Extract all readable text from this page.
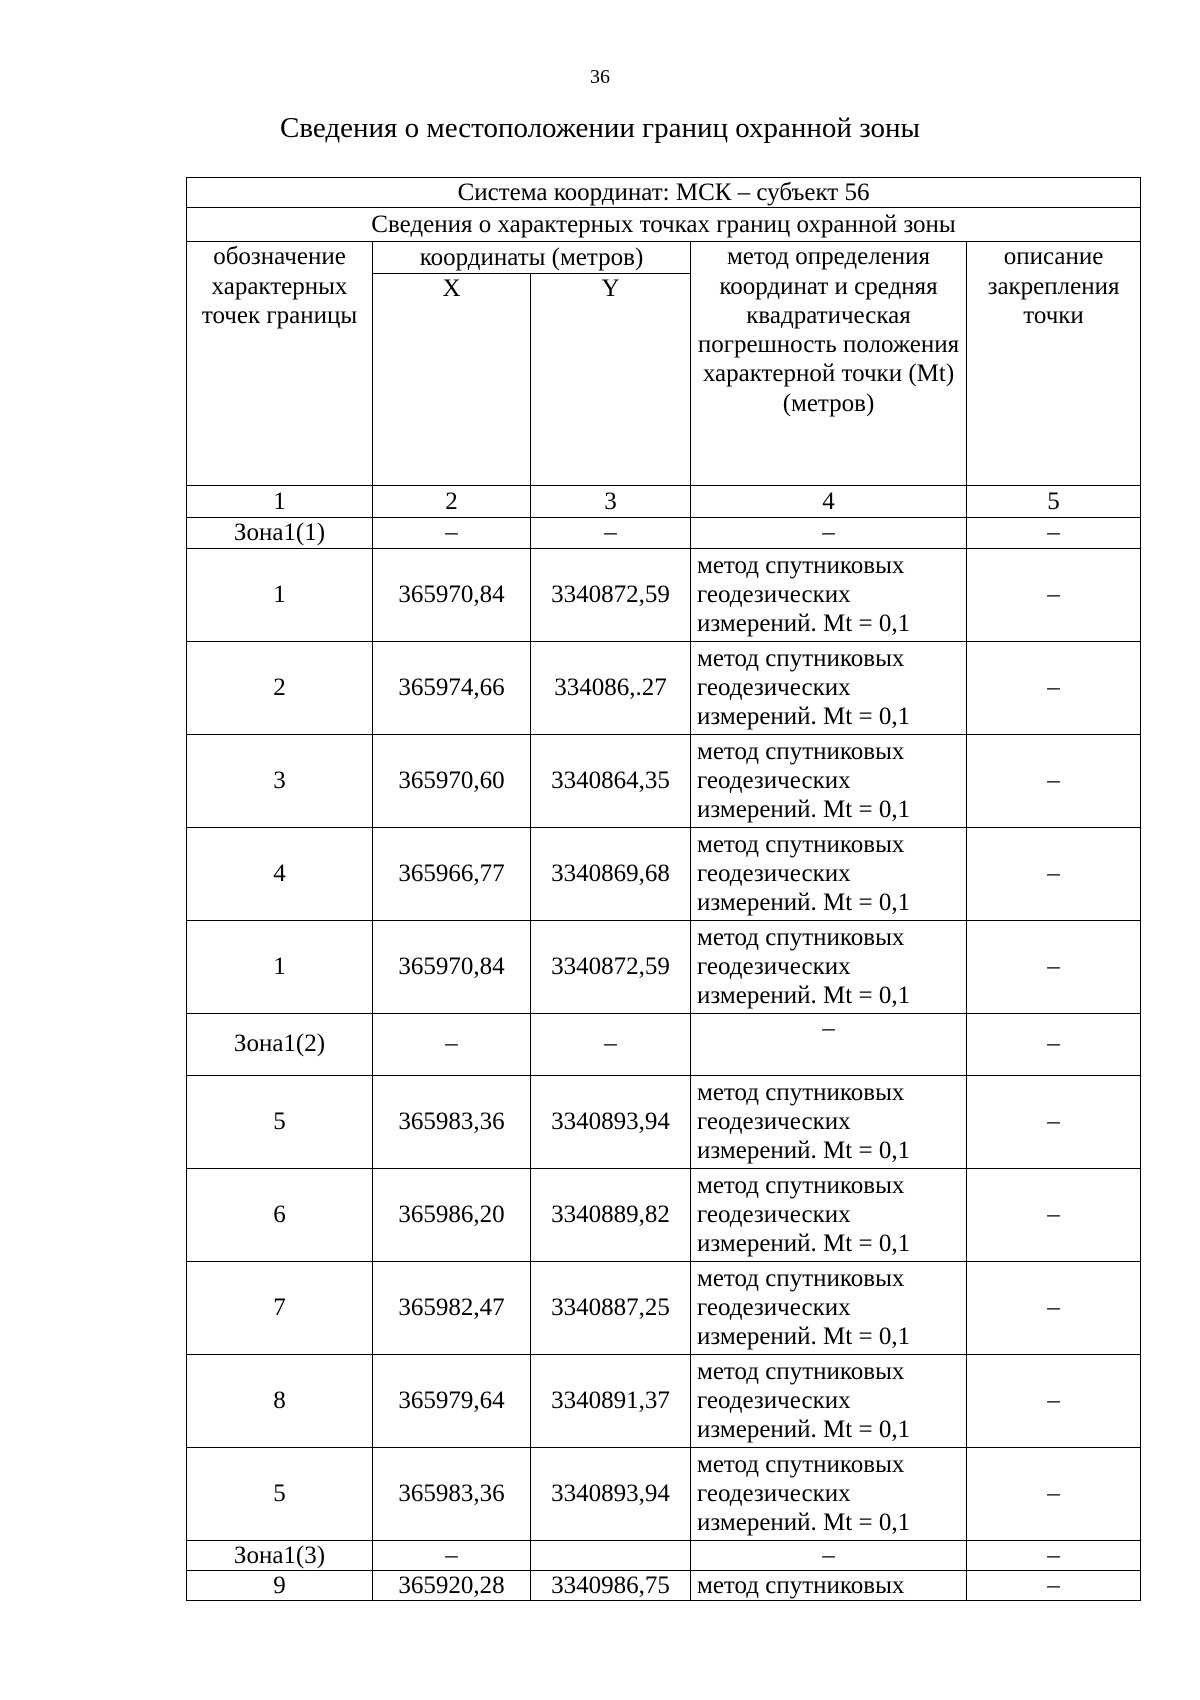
36
Сведения о местоположении границ охранной зоны
Система координат: МСК – субъект 56				
Сведения о характерных точках границ охранной зоны				
обозначение характерных точек границы	координаты (метров)		метод определения координат и средняя квадратическая погрешность положения характерной точки (Mt) (метров)	описание закрепления точки
	X	Y		
1	2	3	4	5
Зона1(1)	–	–	–	–
1	365970,84	3340872,59	метод спутниковых геодезических измерений. Mt = 0,1	–
2	365974,66	334086,.27	метод спутниковых геодезических измерений. Mt = 0,1	–
3	365970,60	3340864,35	метод спутниковых геодезических измерений. Mt = 0,1	–
4	365966,77	3340869,68	метод спутниковых геодезических измерений. Mt = 0,1	–
1	365970,84	3340872,59	метод спутниковых геодезических измерений. Mt = 0,1	–
Зона1(2)	–	–	–	–
5	365983,36	3340893,94	метод спутниковых геодезических измерений. Mt = 0,1	–
6	365986,20	3340889,82	метод спутниковых геодезических измерений. Mt = 0,1	–
7	365982,47	3340887,25	метод спутниковых геодезических измерений. Mt = 0,1	–
8	365979,64	3340891,37	метод спутниковых геодезических измерений. Mt = 0,1	–
5	365983,36	3340893,94	метод спутниковых геодезических измерений. Mt = 0,1	–
Зона1(3)	–		–	–
9	365920,28	3340986,75	метод спутниковых	–
